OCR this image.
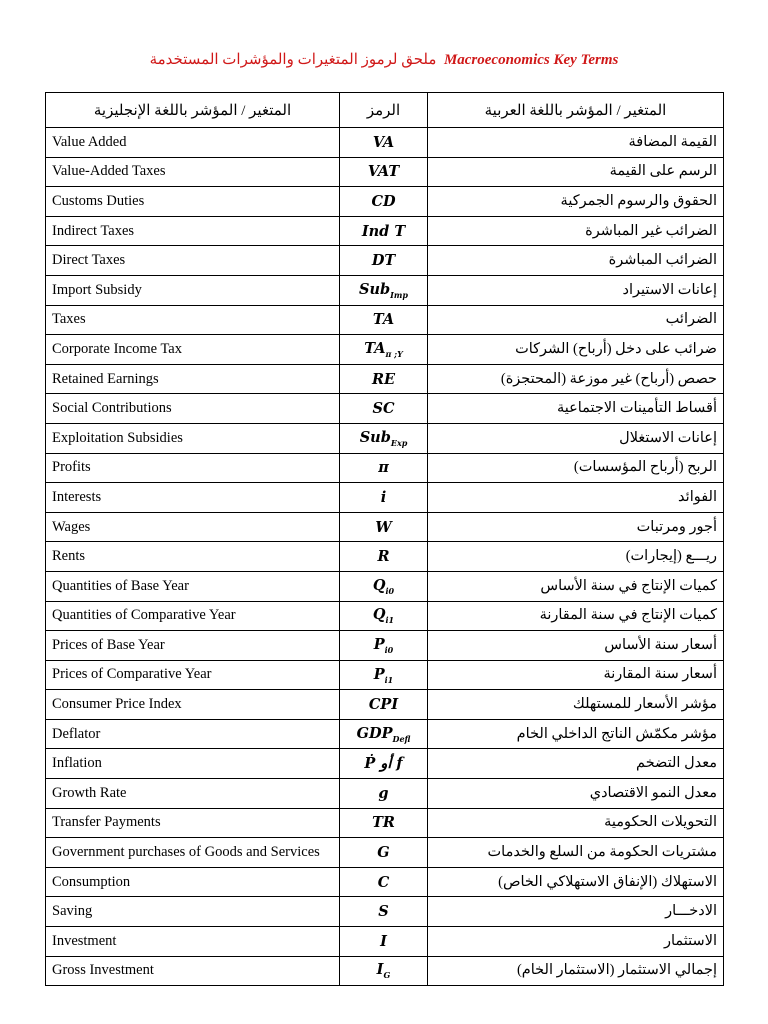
ملحق لرموز المتغيرات والمؤشرات المستخدمة Macroeconomics Key Terms
المتغير / المؤشر باللغة الإنجليزية	الرمز	المتغير / المؤشر باللغة العربية
Value Added	VA	القيمة المضافة
Value-Added Taxes	VAT	الرسم على القيمة
Customs Duties	CD	الحقوق والرسوم الجمركية
Indirect Taxes	Ind T	الضرائب غير المباشرة
Direct Taxes	DT	الضرائب المباشرة
Import Subsidy	Sub$_{Imp}$	إعانات الاستيراد
Taxes	TA	الضرائب
Corporate Income Tax	$TA_{\pi ;Y}$	ضرائب على دخل (أرباح) الشركات
Retained Earnings	RE	حصص (أرباح) غير موزعة (المحتجزة)
Social Contributions	SC	أقساط التأمينات الاجتماعية
Exploitation Subsidies	Sub$_{Exp}$	إعانات الاستغلال
Profits	π	الربح (أرباح المؤسسات)
Interests	i	الفوائد
Wages	W	أجور ومرتبات
Rents	R	ريـــع (إيجارات)
Quantities of Base Year	$Q_{i0}$	كميات الإنتاج في سنة الأساس
Quantities of Comparative Year	$Q_{i1}$	كميات الإنتاج في سنة المقارنة
Prices of Base Year	$P_{i0}$	أسعار سنة الأساس
Prices of Comparative Year	$P_{i1}$	أسعار سنة المقارنة
Consumer Price Index	CPI	مؤشر الأسعار للمستهلك
Deflator	$GDP_{Defl}$	مؤشر مكمّش الناتج الداخلي الخام
Inflation	Ṗ أو f	معدل التضخم
Growth Rate	g	معدل النمو الاقتصادي
Transfer Payments	TR	التحويلات الحكومية
Government purchases of Goods and Services	G	مشتريات الحكومة من السلع والخدمات
Consumption	C	الاستهلاك (الإنفاق الاستهلاكي الخاص)
Saving	S	الادخـــار
Investment	I	الاستثمار
Gross Investment	$I_G$	إجمالي الاستثمار (الاستثمار الخام)
